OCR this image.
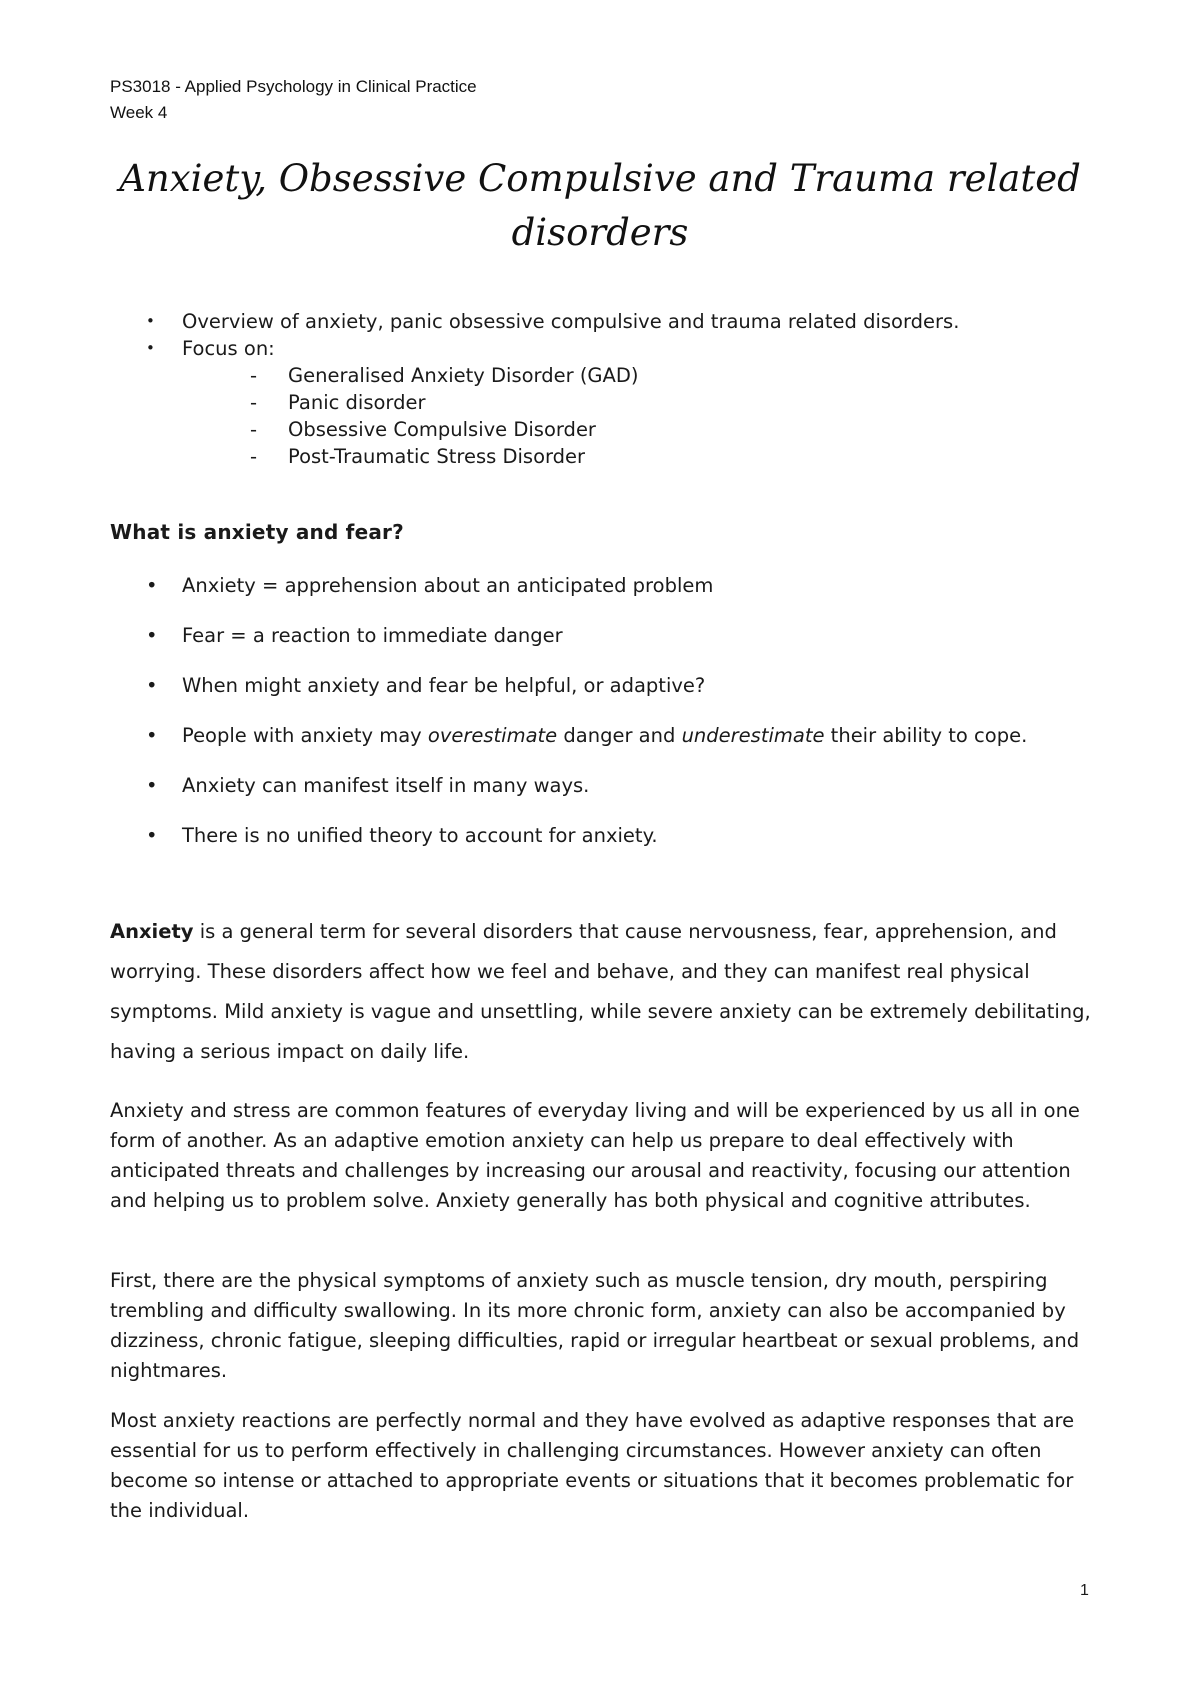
PS3018 - Applied Psychology in Clinical Practice
Week 4
Anxiety, Obsessive Compulsive and Trauma related disorders
• Overview of anxiety, panic obsessive compulsive and trauma related disorders.
• Focus on:
- Generalised Anxiety Disorder (GAD)
- Panic disorder
- Obsessive Compulsive Disorder
- Post-Traumatic Stress Disorder
What is anxiety and fear?
• Anxiety = apprehension about an anticipated problem
• Fear = a reaction to immediate danger
• When might anxiety and fear be helpful, or adaptive?
• People with anxiety may overestimate danger and underestimate their ability to cope.
• Anxiety can manifest itself in many ways.
• There is no unified theory to account for anxiety.

Anxiety is a general term for several disorders that cause nervousness, fear, apprehension, and worrying. These disorders affect how we feel and behave, and they can manifest real physical symptoms. Mild anxiety is vague and unsettling, while severe anxiety can be extremely debilitating, having a serious impact on daily life.

Anxiety and stress are common features of everyday living and will be experienced by us all in one form of another. As an adaptive emotion anxiety can help us prepare to deal effectively with anticipated threats and challenges by increasing our arousal and reactivity, focusing our attention and helping us to problem solve. Anxiety generally has both physical and cognitive attributes.

First, there are the physical symptoms of anxiety such as muscle tension, dry mouth, perspiring trembling and difficulty swallowing. In its more chronic form, anxiety can also be accompanied by dizziness, chronic fatigue, sleeping difficulties, rapid or irregular heartbeat or sexual problems, and nightmares.

Most anxiety reactions are perfectly normal and they have evolved as adaptive responses that are essential for us to perform effectively in challenging circumstances. However anxiety can often become so intense or attached to appropriate events or situations that it becomes problematic for the individual.

1
